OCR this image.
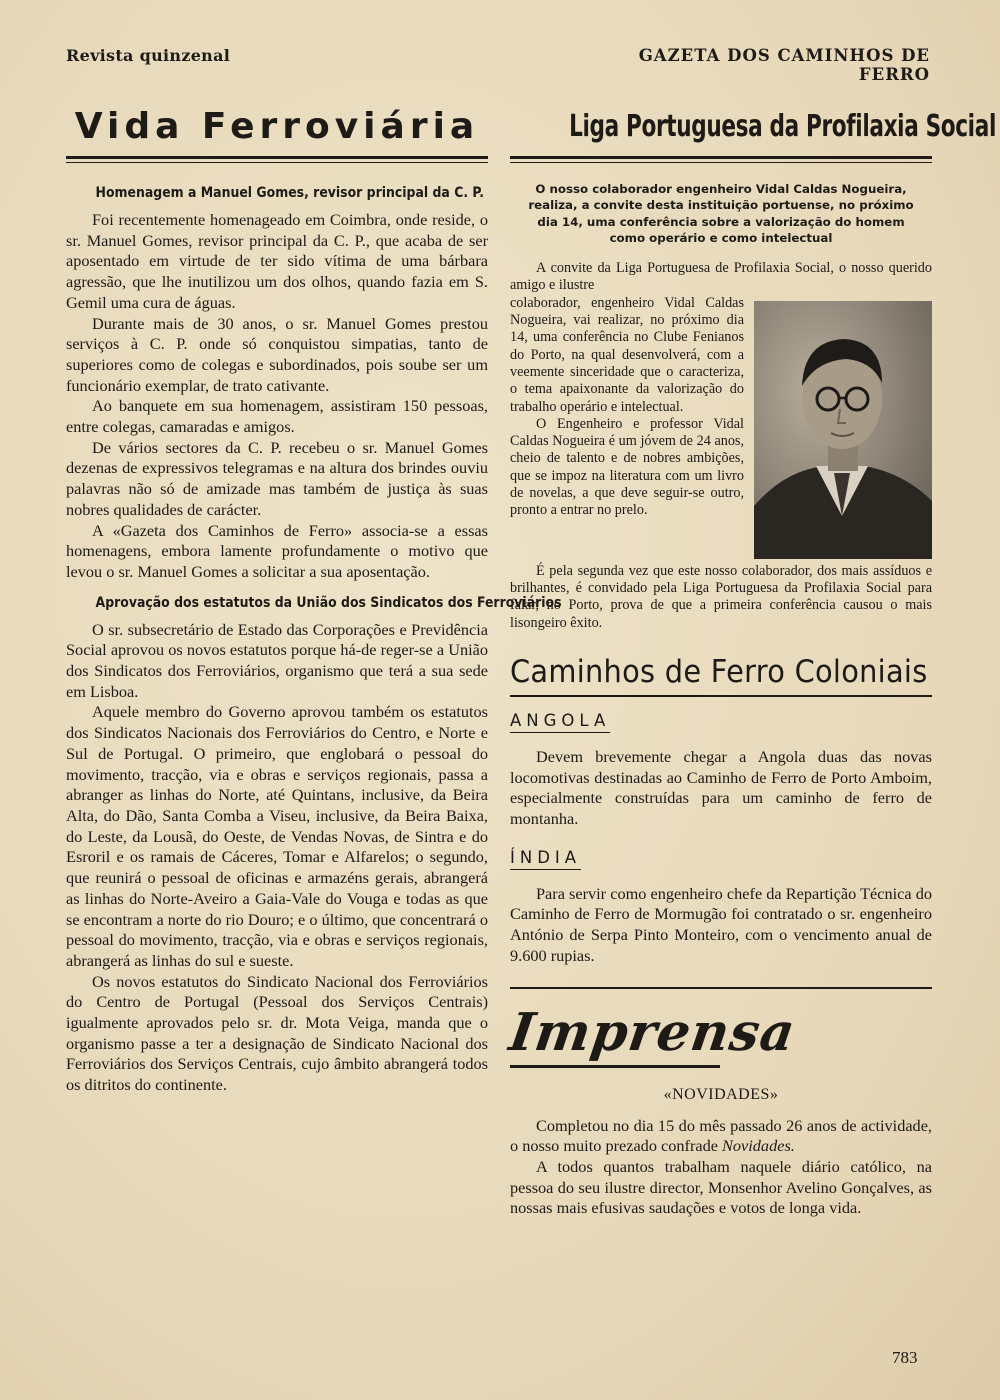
Revista quinzenal	GAZETA DOS CAMINHOS DE FERRO
Vida Ferroviária
Homenagem a Manuel Gomes, revisor principal da C. P.

Foi recentemente homenageado em Coimbra, onde reside, o sr. Manuel Gomes, revisor principal da C. P., que acaba de ser aposentado em virtude de ter sido vítima de uma bárbara agressão, que lhe inutilizou um dos olhos, quando fazia em S. Gemil uma cura de águas.

Durante mais de 30 anos, o sr. Manuel Gomes prestou serviços à C. P. onde só conquistou simpatias, tanto de superiores como de colegas e subordinados, pois soube ser um funcionário exemplar, de trato cativante.

Ao banquete em sua homenagem, assistiram 150 pessoas, entre colegas, camaradas e amigos.

De vários sectores da C. P. recebeu o sr. Manuel Gomes dezenas de expressivos telegramas e na altura dos brindes ouviu palavras não só de amizade mas também de justiça às suas nobres qualidades de carácter.

A «Gazeta dos Caminhos de Ferro» associa-se a essas homenagens, embora lamente profundamente o motivo que levou o sr. Manuel Gomes a solicitar a sua aposentação.

Aprovação dos estatutos da União dos Sindicatos dos Ferroviários

O sr. subsecretário de Estado das Corporações e Previdência Social aprovou os novos estatutos porque há-de reger-se a União dos Sindicatos dos Ferroviários, organismo que terá a sua sede em Lisboa.

Aquele membro do Governo aprovou também os estatutos dos Sindicatos Nacionais dos Ferroviários do Centro, e Norte e Sul de Portugal. O primeiro, que englobará o pessoal do movimento, tracção, via e obras e serviços regionais, passa a abranger as linhas do Norte, até Quintans, inclusive, da Beira Alta, do Dão, Santa Comba a Viseu, inclusive, da Beira Baixa, do Leste, da Lousã, do Oeste, de Vendas Novas, de Sintra e do Esroril e os ramais de Cáceres, Tomar e Alfarelos; o segundo, que reunirá o pessoal de oficinas e armazéns gerais, abrangerá as linhas do Norte-Aveiro a Gaia-Vale do Vouga e todas as que se encontram a norte do rio Douro; e o último, que concentrará o pessoal do movimento, tracção, via e obras e serviços regionais, abrangerá as linhas do sul e sueste.

Os novos estatutos do Sindicato Nacional dos Ferroviários do Centro de Portugal (Pessoal dos Serviços Centrais) igualmente aprovados pelo sr. dr. Mota Veiga, manda que o organismo passe a ter a designação de Sindicato Nacional dos Ferroviários dos Serviços Centrais, cujo âmbito abrangerá todos os ditritos do continente.

Liga Portuguesa da Profilaxia Social
O nosso colaborador engenheiro Vidal Caldas Nogueira, realiza, a convite desta instituição portuense, no próximo dia 14, uma conferência sobre a valorização do homem como operário e como intelectual

A convite da Liga Portuguesa de Profilaxia Social, o nosso querido amigo e ilustre

colaborador, engenheiro Vidal Caldas Nogueira, vai realizar, no próximo dia 14, uma conferência no Clube Fenianos do Porto, na qual desenvolverá, com a veemente sinceridade que o caracteriza, o tema apaixonante da valorização do trabalho operário e intelectual.

O Engenheiro e professor Vidal Caldas Nogueira é um jóvem de 24 anos, cheio de talento e de nobres ambições, que se impoz na literatura com um livro de novelas, a que deve seguir-se outro, pronto a entrar no prelo.

É pela segunda vez que este nosso colaborador, dos mais assíduos e brilhantes, é convidado pela Liga Portuguesa da Profilaxia Social para falar, no Porto, prova de que a primeira conferência causou o mais lisongeiro êxito.

Caminhos de Ferro Coloniais
ANGOLA

Devem brevemente chegar a Angola duas das novas locomotivas destinadas ao Caminho de Ferro de Porto Amboim, especialmente construídas para um caminho de ferro de montanha.

ÍNDIA

Para servir como engenheiro chefe da Repartição Técnica do Caminho de Ferro de Mormugão foi contratado o sr. engenheiro António de Serpa Pinto Monteiro, com o vencimento anual de 9.600 rupias.

Imprensa
«NOVIDADES»

Completou no dia 15 do mês passado 26 anos de actividade, o nosso muito prezado confrade Novidades.

A todos quantos trabalham naquele diário católico, na pessoa do seu ilustre director, Monsenhor Avelino Gonçalves, as nossas mais efusivas saudações e votos de longa vida.

783
